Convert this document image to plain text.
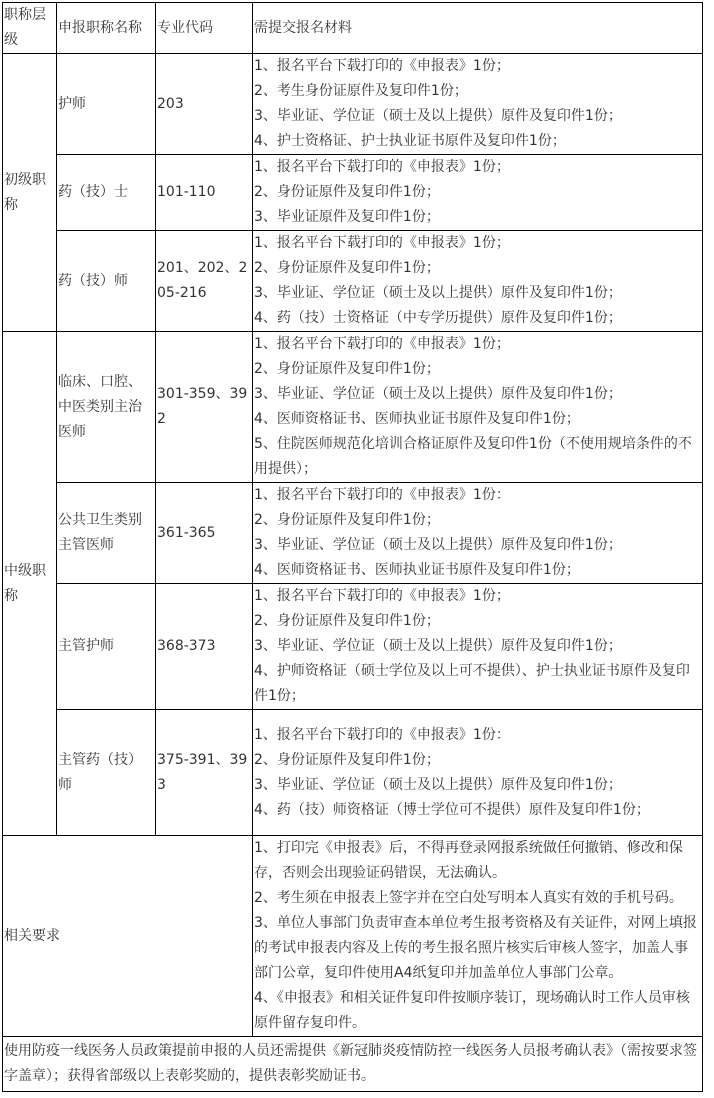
职称层级	申报职称名称	专业代码	需提交报名材料
初级职称	护师	203	1、报名平台下载打印的《申报表》1份；
2、考生身份证原件及复印件1份；
3、毕业证、学位证（硕士及以上提供）原件及复印件1份；
4、护士资格证、护士执业证书原件及复印件1份；

	药（技）士	101-110	1、报名平台下载打印的《申报表》1份；
2、身份证原件及复印件1份；
3、毕业证原件及复印件1份；

	药（技）师	201、202、205-216	1、报名平台下载打印的《申报表》1份；
2、身份证原件及复印件1份；
3、毕业证、学位证（硕士及以上提供）原件及复印件1份；
4、药（技）士资格证（中专学历提供）原件及复印件1份；

中级职称	临床、口腔、中医类别主治医师	301-359、392	1、报名平台下载打印的《申报表》1份；
2、身份证原件及复印件1份；
3、毕业证、学位证（硕士及以上提供）原件及复印件1份；
4、医师资格证书、医师执业证书原件及复印件1份；
5、住院医师规范化培训合格证原件及复印件1份（不使用规培条件的不用提供）；

	公共卫生类别主管医师	361-365	1、报名平台下载打印的《申报表》1份：
2、身份证原件及复印件1份；
3、毕业证、学位证（硕士及以上提供）原件及复印件1份；
4、医师资格证书、医师执业证书原件及复印件1份；

	主管护师	368-373	1、报名平台下载打印的《申报表》1份；
2、身份证原件及复印件1份；
3、毕业证、学位证（硕士及以上提供）原件及复印件1份；
4、护师资格证（硕士学位及以上可不提供）、护士执业证书原件及复印件1份；

	主管药（技）师	375-391、393	1、报名平台下载打印的《申报表》1份：
2、身份证原件及复印件1份；
3、毕业证、学位证（硕士及以上提供）原件及复印件1份；
4、药（技）师资格证（博士学位可不提供）原件及复印件1份；

相关要求			1、打印完《申报表》后，不得再登录网报系统做任何撤销、修改和保存，否则会出现验证码错误，无法确认。
2、考生须在申报表上签字并在空白处写明本人真实有效的手机号码。
3、单位人事部门负责审查本单位考生报考资格及有关证件，对网上填报的考试申报表内容及上传的考生报名照片核实后审核人签字，加盖人事部门公章，复印件使用A4纸复印并加盖单位人事部门公章。
4、《申报表》和相关证件复印件按顺序装订，现场确认时工作人员审核原件留存复印件。

使用防疫一线医务人员政策提前申报的人员还需提供《新冠肺炎疫情防控一线医务人员报考确认表》（需按要求签字盖章）；获得省部级以上表彰奖励的，提供表彰奖励证书。			
